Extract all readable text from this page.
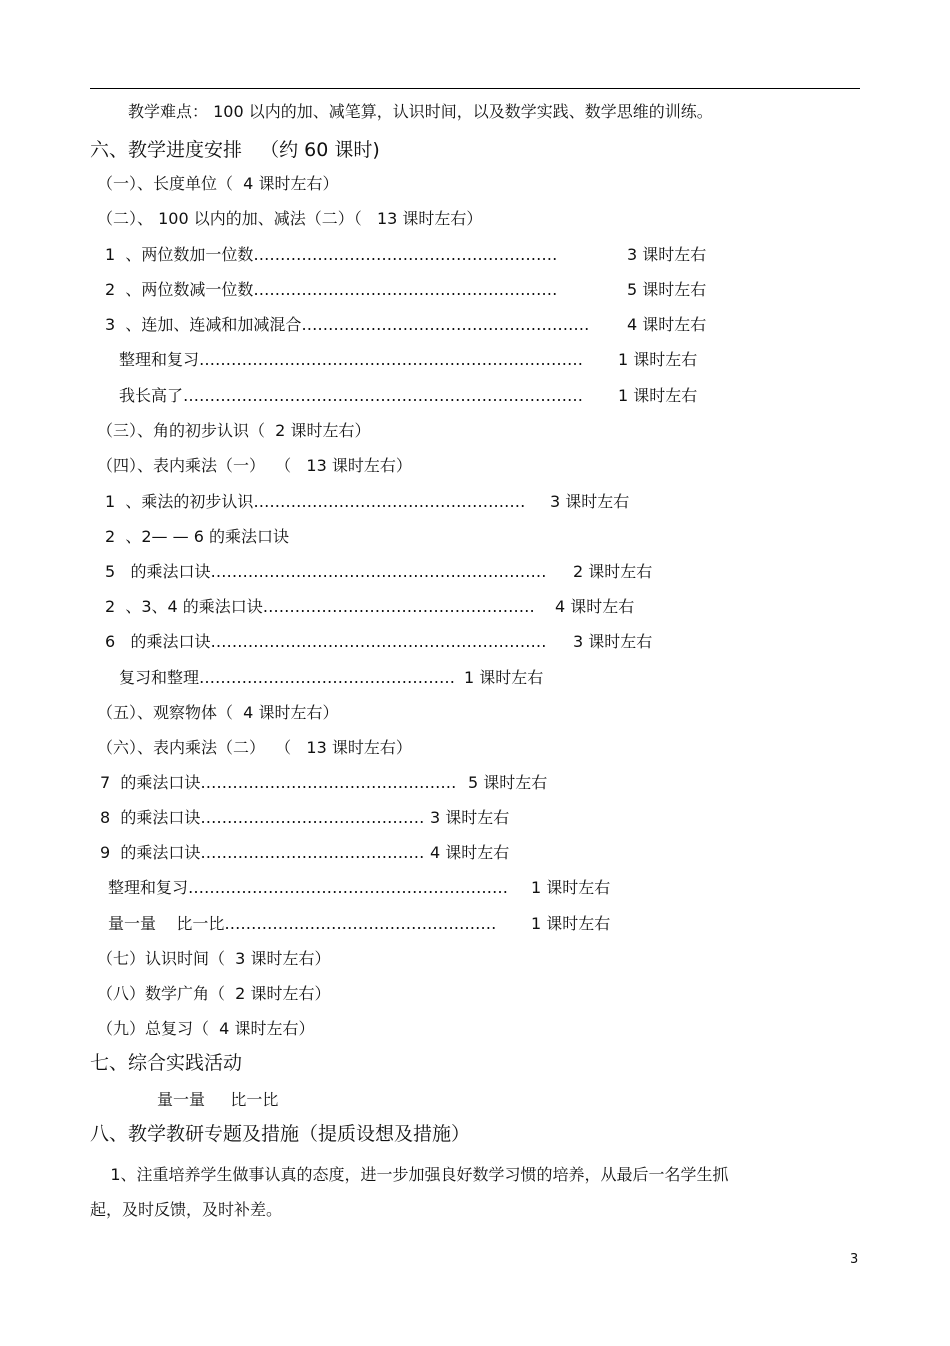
教学难点： 100 以内的加、减笔算，认识时间，以及数学实践、数学思维的训练。
六、教学进度安排   （约 60 课时)
（一）、长度单位（  4 课时左右）
（二）、 100 以内的加、减法（二）（   13 课时左右）
1  、两位数加一位数…………………………………………………	3 课时左右
2  、两位数减一位数…………………………………………………	5 课时左右
3  、连加、连减和加减混合……………………………………………… 4 课时左右
整理和复习……………………………………………………………… 1 课时左右
我长高了………………………………………………………………… 1 课时左右
（三）、角的初步认识（  2 课时左右）
（四）、表内乘法（一）  （   13 课时左右）
1  、乘法的初步认识…………………………………………… 3 课时左右
2  、2— — 6 的乘法口诀
5   的乘法口诀……………………………………………………… 2 课时左右
2  、3、4 的乘法口诀…………………………………………… 4 课时左右
6   的乘法口诀……………………………………………………… 3 课时左右
复习和整理………………………………………… 1 课时左右
（五）、观察物体（  4 课时左右）
（六）、表内乘法（二）  （   13 课时左右）
7  的乘法口诀………………………………………… 5 课时左右
8  的乘法口诀…………………………………… 3 课时左右
9  的乘法口诀…………………………………… 4 课时左右
整理和复习…………………………………………………… 1 课时左右
量一量    比一比…………………………………………… 1 课时左右
（七）认识时间（  3 课时左右）
（八）数学广角（  2 课时左右）
（九）总复习（  4 课时左右）
七、综合实践活动
量一量     比一比
八、教学教研专题及措施（提质设想及措施）

1、注重培养学生做事认真的态度，进一步加强良好数学习惯的培养，从最后一名学生抓

起，及时反馈，及时补差。

3
